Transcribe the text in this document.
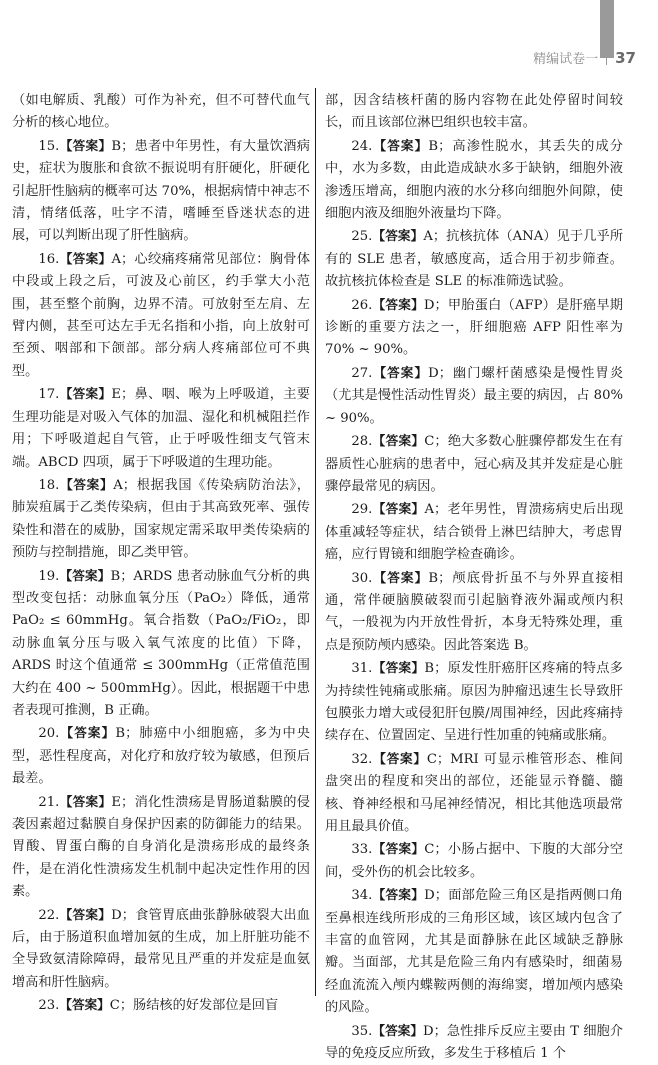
精编试卷一 37

（如电解质、乳酸）可作为补充，但不可替代血气分析的核心地位。

15.【答案】B；患者中年男性，有大量饮酒病史，症状为腹胀和食欲不振说明有肝硬化，肝硬化引起肝性脑病的概率可达 70%，根据病情中神志不清，情绪低落，吐字不清，嗜睡至昏迷状态的进展，可以判断出现了肝性脑病。

16.【答案】A；心绞痛疼痛常见部位：胸骨体中段或上段之后，可波及心前区，约手掌大小范围，甚至整个前胸，边界不清。可放射至左肩、左臂内侧，甚至可达左手无名指和小指，向上放射可至颈、咽部和下颌部。部分病人疼痛部位可不典型。

17.【答案】E；鼻、咽、喉为上呼吸道，主要生理功能是对吸入气体的加温、湿化和机械阻拦作用；下呼吸道起自气管，止于呼吸性细支气管末端。ABCD 四项，属于下呼吸道的生理功能。

18.【答案】A；根据我国《传染病防治法》，肺炭疽属于乙类传染病，但由于其高致死率、强传染性和潜在的威胁，国家规定需采取甲类传染病的预防与控制措施，即乙类甲管。

19.【答案】B；ARDS 患者动脉血气分析的典型改变包括：动脉血氧分压（PaO₂）降低，通常 PaO₂ ≤ 60mmHg。氧合指数（PaO₂/FiO₂，即动脉血氧分压与吸入氧气浓度的比值）下降，ARDS 时这个值通常 ≤ 300mmHg（正常值范围大约在 400 ~ 500mmHg）。因此，根据题干中患者表现可推测，B 正确。

20.【答案】B；肺癌中小细胞癌，多为中央型，恶性程度高，对化疗和放疗较为敏感，但预后最差。

21.【答案】E；消化性溃疡是胃肠道黏膜的侵袭因素超过黏膜自身保护因素的防御能力的结果。胃酸、胃蛋白酶的自身消化是溃疡形成的最终条件，是在消化性溃疡发生机制中起决定性作用的因素。

22.【答案】D；食管胃底曲张静脉破裂大出血后，由于肠道积血增加氨的生成，加上肝脏功能不全导致氨清除障碍，最常见且严重的并发症是血氨增高和肝性脑病。

23.【答案】C；肠结核的好发部位是回盲

部，因含结核杆菌的肠内容物在此处停留时间较长，而且该部位淋巴组织也较丰富。

24.【答案】B；高渗性脱水，其丢失的成分中，水为多数，由此造成缺水多于缺钠，细胞外液渗透压增高，细胞内液的水分移向细胞外间隙，使细胞内液及细胞外液量均下降。

25.【答案】A；抗核抗体（ANA）见于几乎所有的 SLE 患者，敏感度高，适合用于初步筛查。故抗核抗体检查是 SLE 的标准筛选试验。

26.【答案】D；甲胎蛋白（AFP）是肝癌早期诊断的重要方法之一，肝细胞癌 AFP 阳性率为 70% ~ 90%。

27.【答案】D；幽门螺杆菌感染是慢性胃炎（尤其是慢性活动性胃炎）最主要的病因，占 80% ~ 90%。

28.【答案】C；绝大多数心脏骤停都发生在有器质性心脏病的患者中，冠心病及其并发症是心脏骤停最常见的病因。

29.【答案】A；老年男性，胃溃疡病史后出现体重减轻等症状，结合锁骨上淋巴结肿大，考虑胃癌，应行胃镜和细胞学检查确诊。

30.【答案】B；颅底骨折虽不与外界直接相通，常伴硬脑膜破裂而引起脑脊液外漏或颅内积气，一般视为内开放性骨折，本身无特殊处理，重点是预防颅内感染。因此答案选 B。

31.【答案】B；原发性肝癌肝区疼痛的特点多为持续性钝痛或胀痛。原因为肿瘤迅速生长导致肝包膜张力增大或侵犯肝包膜/周围神经，因此疼痛持续存在、位置固定、呈进行性加重的钝痛或胀痛。

32.【答案】C；MRI 可显示椎管形态、椎间盘突出的程度和突出的部位，还能显示脊髓、髓核、脊神经根和马尾神经情况，相比其他选项最常用且最具价值。

33.【答案】C；小肠占据中、下腹的大部分空间，受外伤的机会比较多。

34.【答案】D；面部危险三角区是指两侧口角至鼻根连线所形成的三角形区域，该区域内包含了丰富的血管网，尤其是面静脉在此区域缺乏静脉瓣。当面部，尤其是危险三角内有感染时，细菌易经血流流入颅内蝶鞍两侧的海绵窦，增加颅内感染的风险。

35.【答案】D；急性排斥反应主要由 T 细胞介导的免疫反应所致，多发生于移植后 1 个
